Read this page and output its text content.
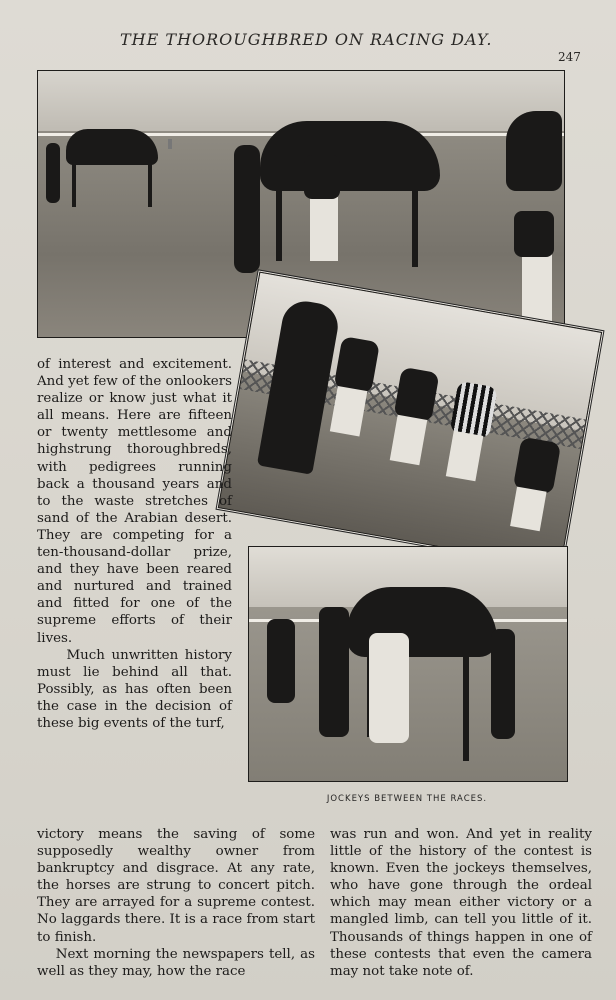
THE THOROUGHBRED ON RACING DAY.
247
JOCKEYS BETWEEN THE RACES.

of interest and excitement. And yet few of the onlookers realize or know just what it all means. Here are fifteen or twenty mettlesome and highstrung thoroughbreds, with pedigrees running back a thousand years and to the waste stretches of sand of the Arabian desert. They are competing for a ten-thousand-dollar prize, and they have been reared and nurtured and trained and fitted for one of the supreme efforts of their lives.

Much unwritten history must lie behind all that. Possibly, as has often been the case in the decision of these big events of the turf,

victory means the saving of some supposedly wealthy owner from bankruptcy and disgrace. At any rate, the horses are strung to concert pitch. They are arrayed for a supreme contest. No laggards there. It is a race from start to finish.

Next morning the newspapers tell, as well as they may, how the race

was run and won. And yet in reality little of the history of the contest is known. Even the jockeys themselves, who have gone through the ordeal which may mean either victory or a mangled limb, can tell you little of it. Thousands of things happen in one of these contests that even the camera may not take note of.
